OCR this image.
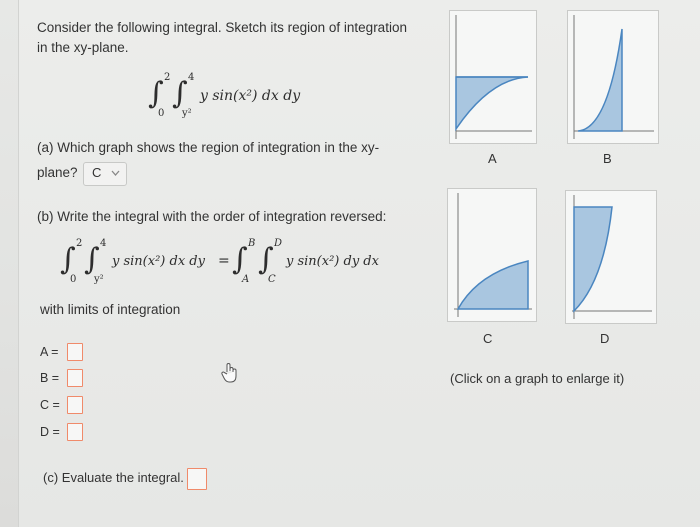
Consider the following integral. Sketch its region of integration
in the xy-plane.
∫ 2
0
∫ 4
y²
y sin(x²) dx dy
(a) Which graph shows the region of integration in the xy-
plane? C
(b) Write the integral with the order of integration reversed:
∫ 2
0
∫ 4
y²
y sin(x²) dx dy = ∫ B
A
∫ D
C
y sin(x²) dy dx
with limits of integration
A =
B =
C =
D =
(c) Evaluate the integral.
A	B
C	D
(Click on a graph to enlarge it)
